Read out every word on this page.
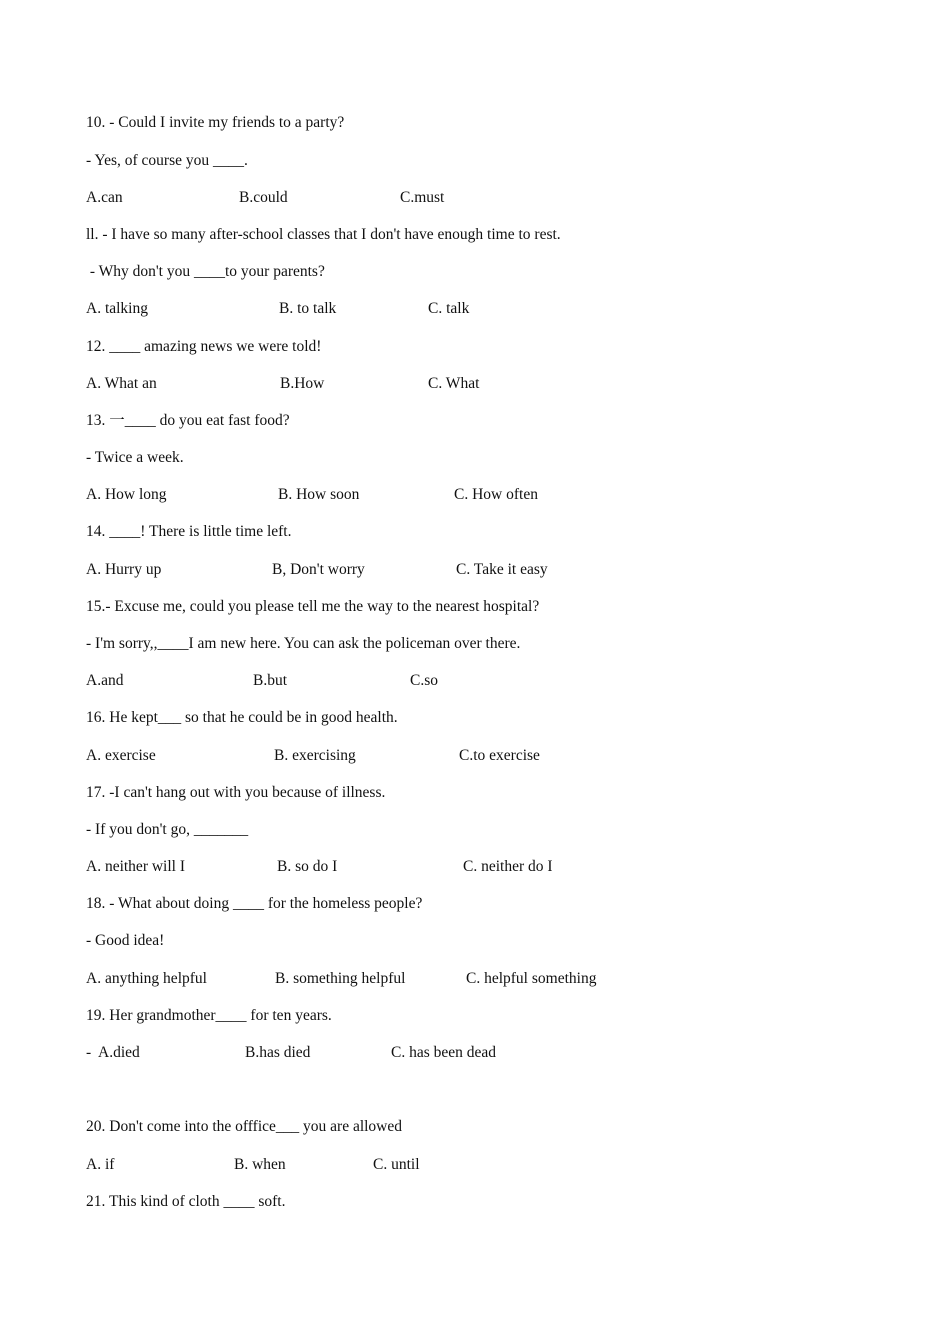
10. - Could I invite my friends to a party?
- Yes, of course you ____.
A.can	B.could	C.must
ll. - I have so many after-school classes that I don't have enough time to rest.
- Why don't you ____to your parents?
A. talking	B. to talk	C. talk
12. ____ amazing news we were told!
A. What an	B.How	C. What
13. 一____ do you eat fast food?
- Twice a week.
A. How long	B. How soon	C. How often
14. ____! There is little time left.
A. Hurry up	B, Don't worry	C. Take it easy
15.- Excuse me, could you please tell me the way to the nearest hospital?
- I'm sorry,,____I am new here. You can ask the policeman over there.
A.and	B.but	C.so
16. He kept___ so that he could be in good health.
A. exercise	B. exercising	C.to exercise
17. -I can't hang out with you because of illness.
- If you don't go, _______
A. neither will I	B. so do I	C. neither do I
18. - What about doing ____ for the homeless people?
- Good idea!
A. anything helpful	B. something helpful	C. helpful something
19. Her grandmother____ for ten years.
-  A.died	B.has died	C. has been dead
20. Don't come into the offfice___ you are allowed
A. if	B. when	C. until
21. This kind of cloth ____ soft.
